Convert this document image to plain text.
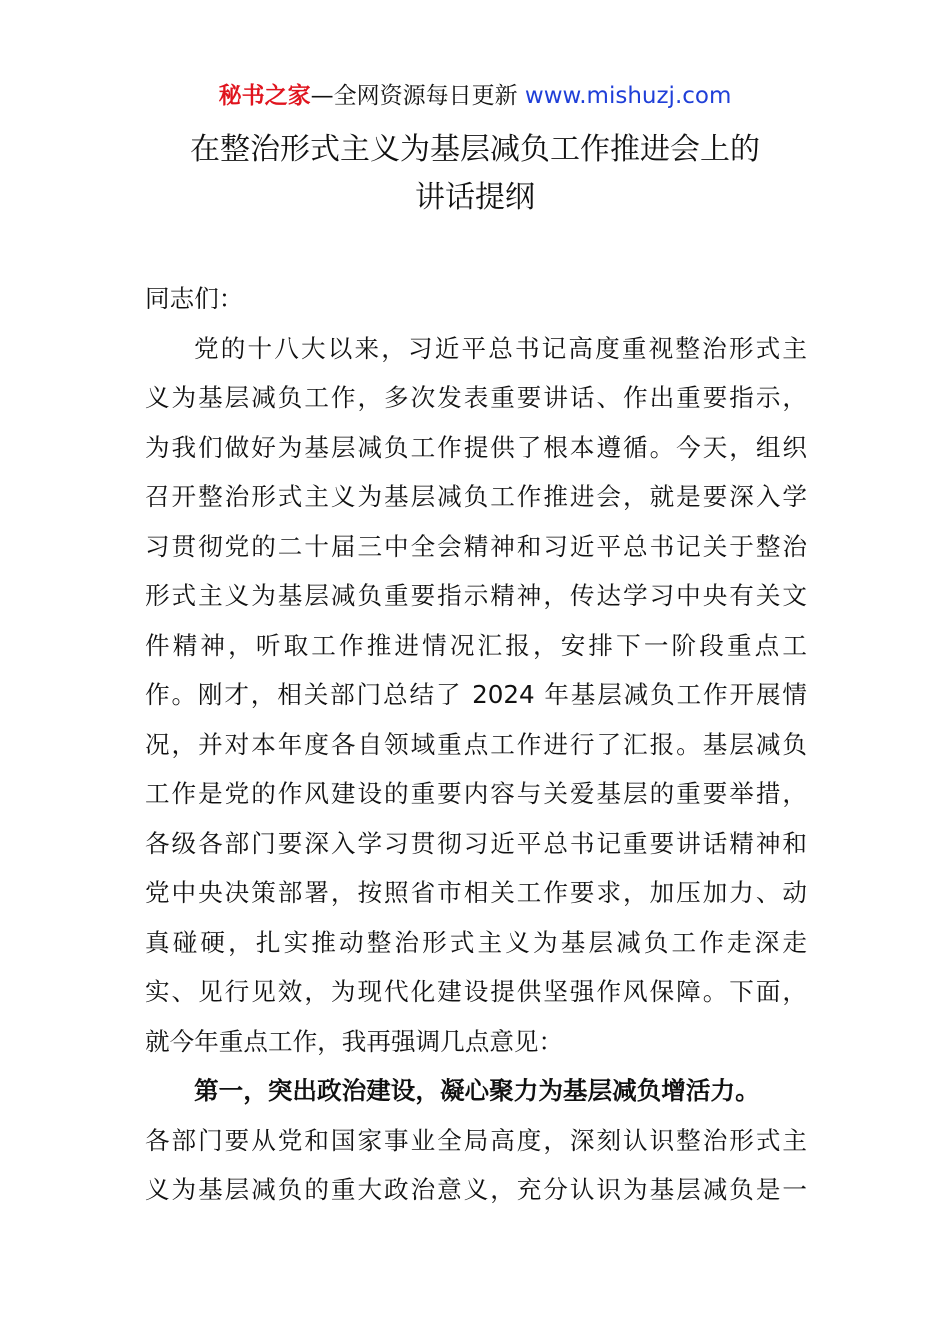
秘书之家—全网资源每日更新 www.mishuzj.com
在整治形式主义为基层减负工作推进会上的
讲话提纲

同志们：

党的十八大以来，习近平总书记高度重视整治形式主

义为基层减负工作，多次发表重要讲话、作出重要指示，

为我们做好为基层减负工作提供了根本遵循。今天，组织

召开整治形式主义为基层减负工作推进会，就是要深入学

习贯彻党的二十届三中全会精神和习近平总书记关于整治

形式主义为基层减负重要指示精神，传达学习中央有关文

件精神，听取工作推进情况汇报，安排下一阶段重点工

作。刚才，相关部门总结了 2024 年基层减负工作开展情

况，并对本年度各自领域重点工作进行了汇报。基层减负

工作是党的作风建设的重要内容与关爱基层的重要举措，

各级各部门要深入学习贯彻习近平总书记重要讲话精神和

党中央决策部署，按照省市相关工作要求，加压加力、动

真碰硬，扎实推动整治形式主义为基层减负工作走深走

实、见行见效，为现代化建设提供坚强作风保障。下面，

就今年重点工作，我再强调几点意见：

第一，突出政治建设，凝心聚力为基层减负增活力。

各部门要从党和国家事业全局高度，深刻认识整治形式主

义为基层减负的重大政治意义，充分认识为基层减负是一
